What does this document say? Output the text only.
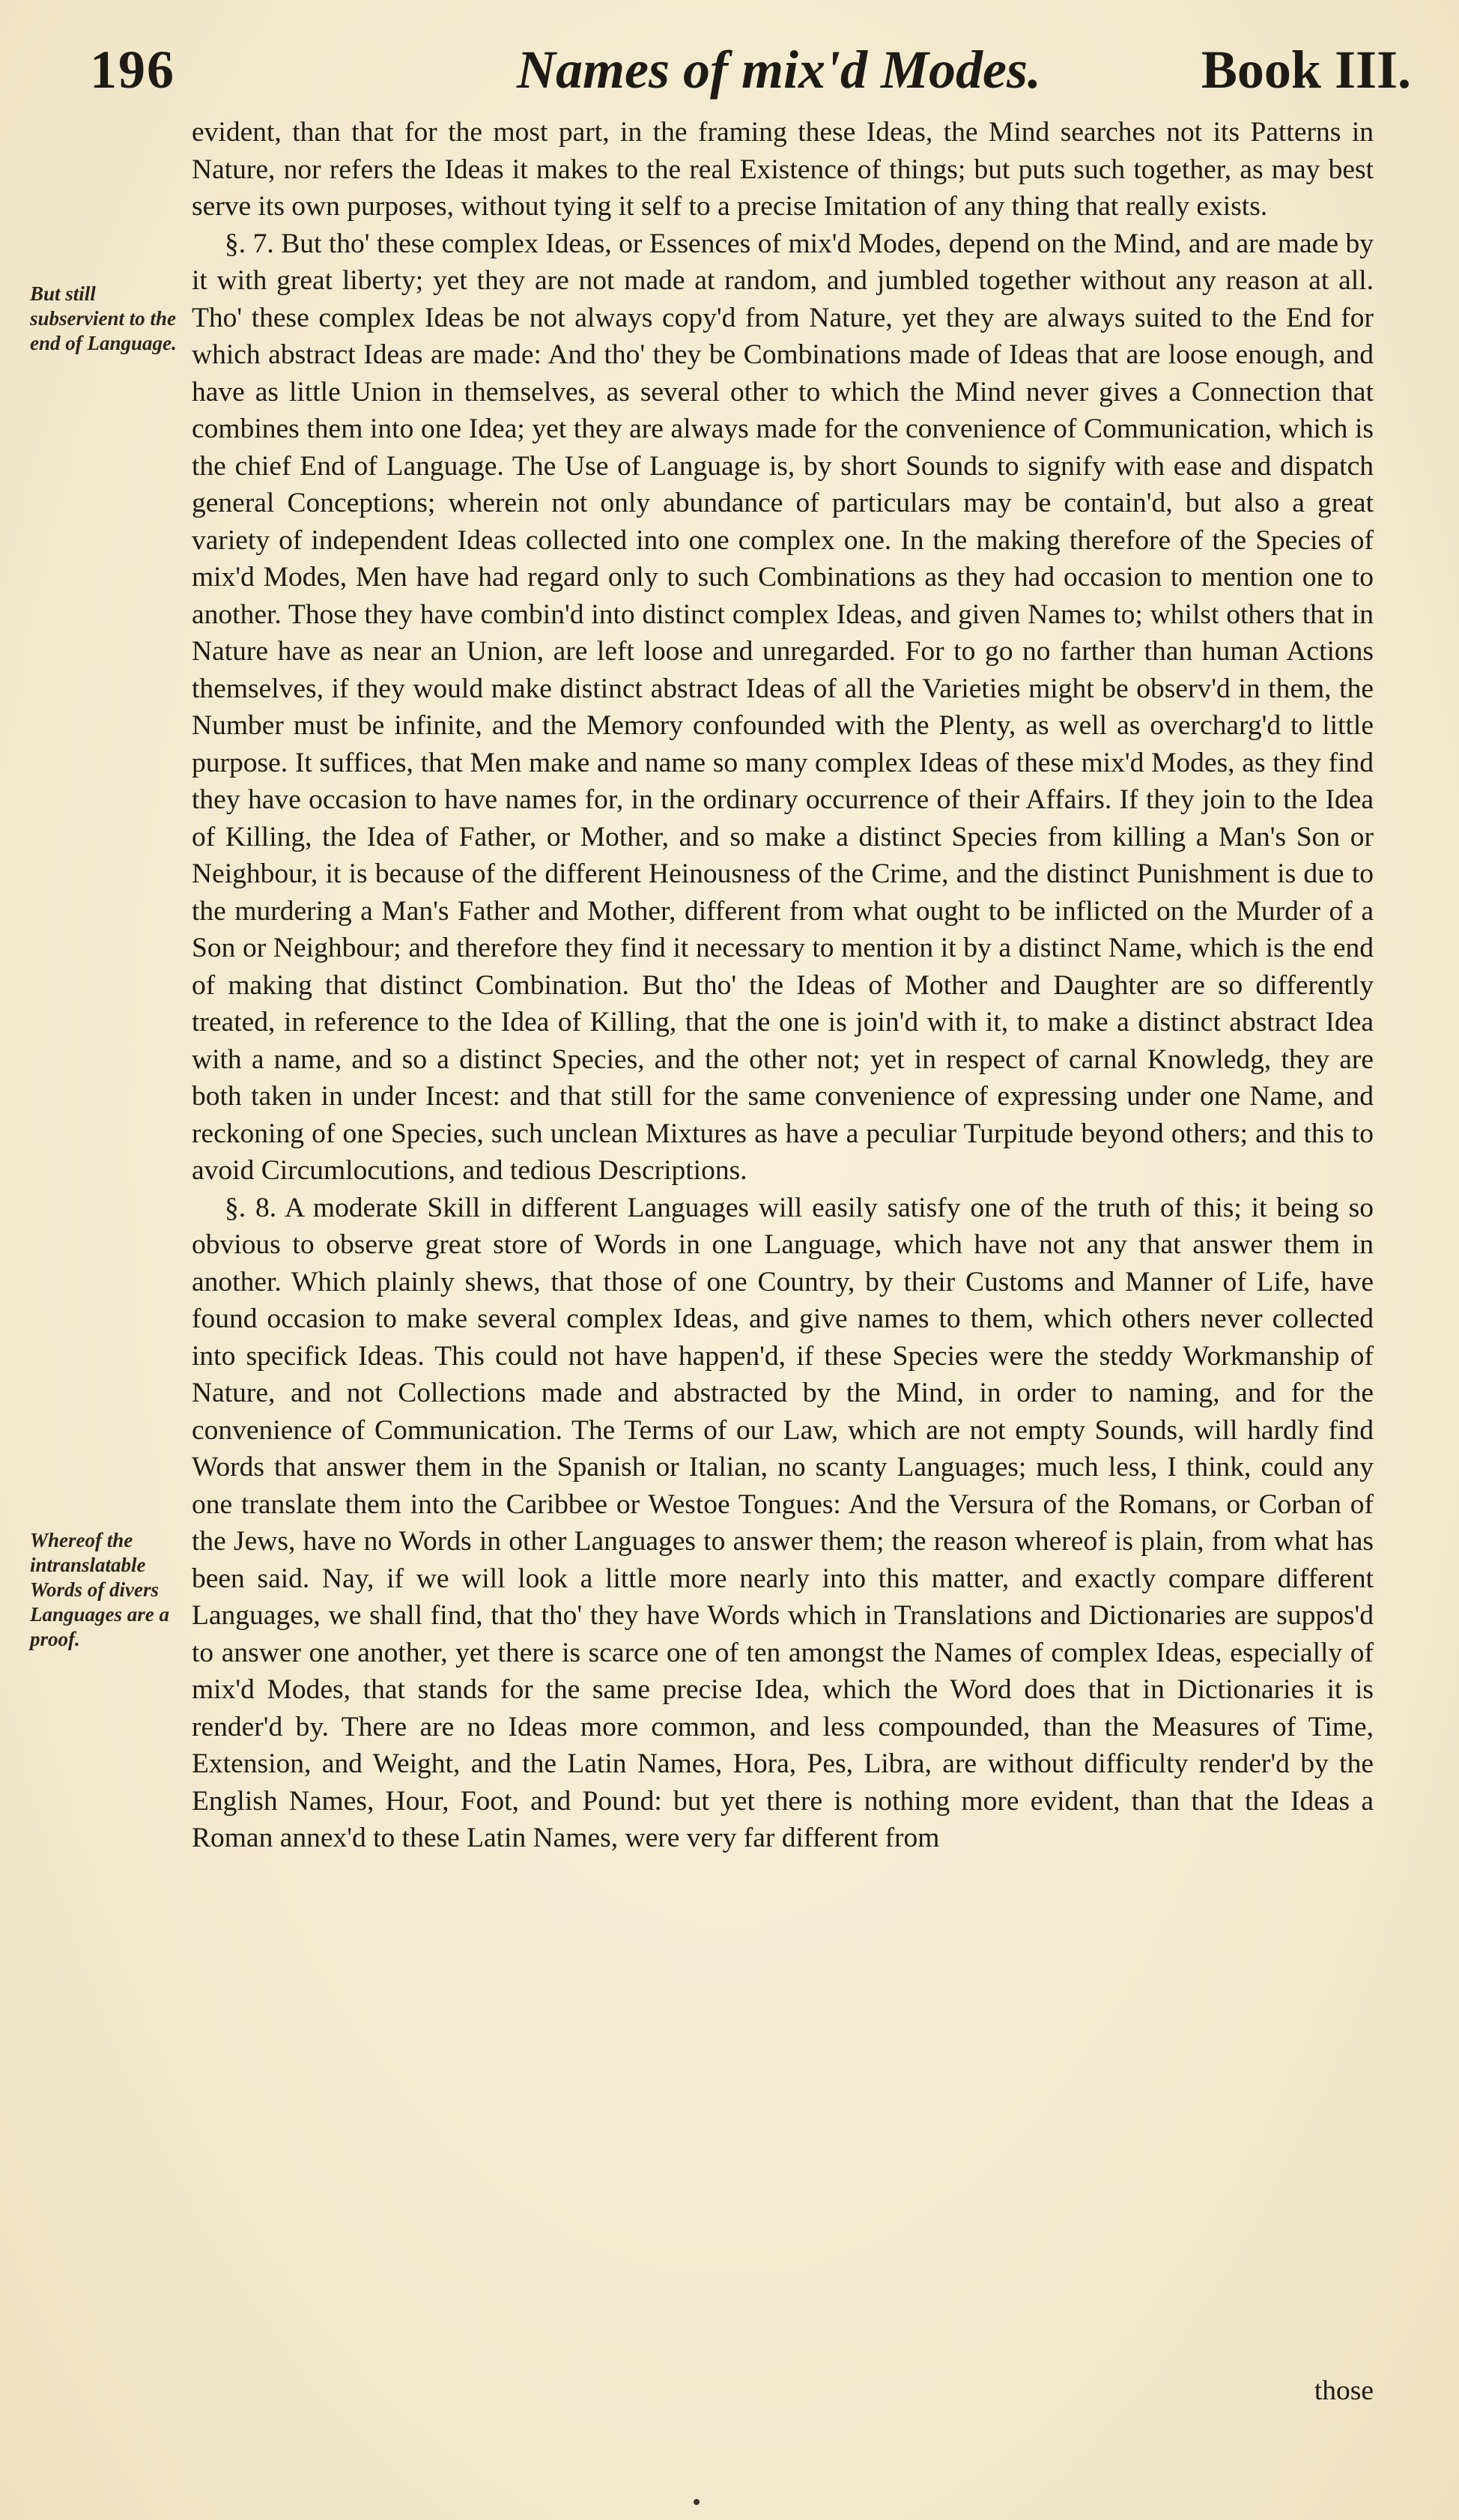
196	Names of mix'd Modes.	Book III.
But still subservient to the end of Language.
Whereof the intranslatable Words of divers Languages are a proof.

evident, than that for the most part, in the framing these Ideas, the Mind searches not its Patterns in Nature, nor refers the Ideas it makes to the real Existence of things; but puts such together, as may best serve its own purposes, without tying it self to a precise Imitation of any thing that really exists.

§. 7. But tho' these complex Ideas, or Essences of mix'd Modes, depend on the Mind, and are made by it with great liberty; yet they are not made at random, and jumbled together without any reason at all. Tho' these complex Ideas be not always copy'd from Nature, yet they are always suited to the End for which abstract Ideas are made: And tho' they be Combinations made of Ideas that are loose enough, and have as little Union in themselves, as several other to which the Mind never gives a Connection that combines them into one Idea; yet they are always made for the convenience of Communication, which is the chief End of Language. The Use of Language is, by short Sounds to signify with ease and dispatch general Conceptions; wherein not only abundance of particulars may be contain'd, but also a great variety of independent Ideas collected into one complex one. In the making therefore of the Species of mix'd Modes, Men have had regard only to such Combinations as they had occasion to mention one to another. Those they have combin'd into distinct complex Ideas, and given Names to; whilst others that in Nature have as near an Union, are left loose and unregarded. For to go no farther than human Actions themselves, if they would make distinct abstract Ideas of all the Varieties might be observ'd in them, the Number must be infinite, and the Memory confounded with the Plenty, as well as overcharg'd to little purpose. It suffices, that Men make and name so many complex Ideas of these mix'd Modes, as they find they have occasion to have names for, in the ordinary occurrence of their Affairs. If they join to the Idea of Killing, the Idea of Father, or Mother, and so make a distinct Species from killing a Man's Son or Neighbour, it is because of the different Heinousness of the Crime, and the distinct Punishment is due to the murdering a Man's Father and Mother, different from what ought to be inflicted on the Murder of a Son or Neighbour; and therefore they find it necessary to mention it by a distinct Name, which is the end of making that distinct Combination. But tho' the Ideas of Mother and Daughter are so differently treated, in reference to the Idea of Killing, that the one is join'd with it, to make a distinct abstract Idea with a name, and so a distinct Species, and the other not; yet in respect of carnal Knowledg, they are both taken in under Incest: and that still for the same convenience of expressing under one Name, and reckoning of one Species, such unclean Mixtures as have a peculiar Turpitude beyond others; and this to avoid Circumlocutions, and tedious Descriptions.

§. 8. A moderate Skill in different Languages will easily satisfy one of the truth of this; it being so obvious to observe great store of Words in one Language, which have not any that answer them in another. Which plainly shews, that those of one Country, by their Customs and Manner of Life, have found occasion to make several complex Ideas, and give names to them, which others never collected into specifick Ideas. This could not have happen'd, if these Species were the steddy Workmanship of Nature, and not Collections made and abstracted by the Mind, in order to naming, and for the convenience of Communication. The Terms of our Law, which are not empty Sounds, will hardly find Words that answer them in the Spanish or Italian, no scanty Languages; much less, I think, could any one translate them into the Caribbee or Westoe Tongues: And the Versura of the Romans, or Corban of the Jews, have no Words in other Languages to answer them; the reason whereof is plain, from what has been said. Nay, if we will look a little more nearly into this matter, and exactly compare different Languages, we shall find, that tho' they have Words which in Translations and Dictionaries are suppos'd to answer one another, yet there is scarce one of ten amongst the Names of complex Ideas, especially of mix'd Modes, that stands for the same precise Idea, which the Word does that in Dictionaries it is render'd by. There are no Ideas more common, and less compounded, than the Measures of Time, Extension, and Weight, and the Latin Names, Hora, Pes, Libra, are without difficulty render'd by the English Names, Hour, Foot, and Pound: but yet there is nothing more evident, than that the Ideas a Roman annex'd to these Latin Names, were very far different from

those
